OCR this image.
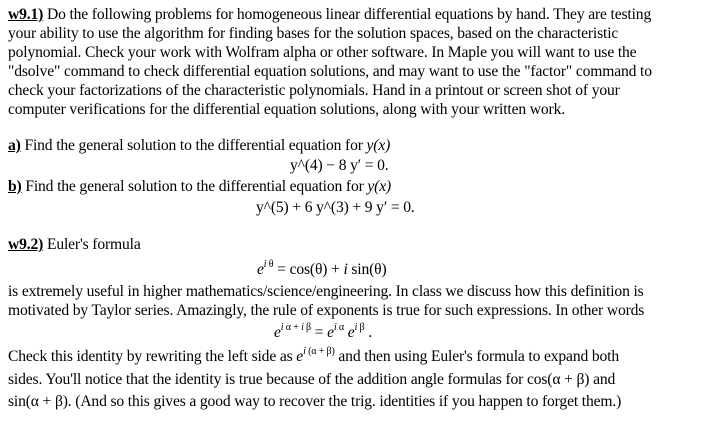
w9.1) Do the following problems for homogeneous linear differential equations by hand. They are testing
your ability to use the algorithm for finding bases for the solution spaces, based on the characteristic
polynomial. Check your work with Wolfram alpha or other software. In Maple you will want to use the
"dsolve" command to check differential equation solutions, and may want to use the "factor" command to
check your factorizations of the characteristic polynomials. Hand in a printout or screen shot of your
computer verifications for the differential equation solutions, along with your written work.
a) Find the general solution to the differential equation for y(x)
y^(4) − 8 y′ = 0.
b) Find the general solution to the differential equation for y(x)
y^(5) + 6 y^(3) + 9 y′ = 0.
w9.2) Euler's formula
$e^{i \theta} = \cos(\theta) + i$ sin(θ)
is extremely useful in higher mathematics/science/engineering. In class we discuss how this definition is
motivated by Taylor series. Amazingly, the rule of exponents is true for such expressions. In other words
$e^{i \alpha + i \beta} = e^{i \alpha}$ $e^{i \beta}$ .
Check this identity by rewriting the left side as $e^{i (\alpha + \beta)}$ and then using Euler's formula to expand both
sides. You'll notice that the identity is true because of the addition angle formulas for cos(α + β) and
sin(α + β). (And so this gives a good way to recover the trig. identities if you happen to forget them.)
